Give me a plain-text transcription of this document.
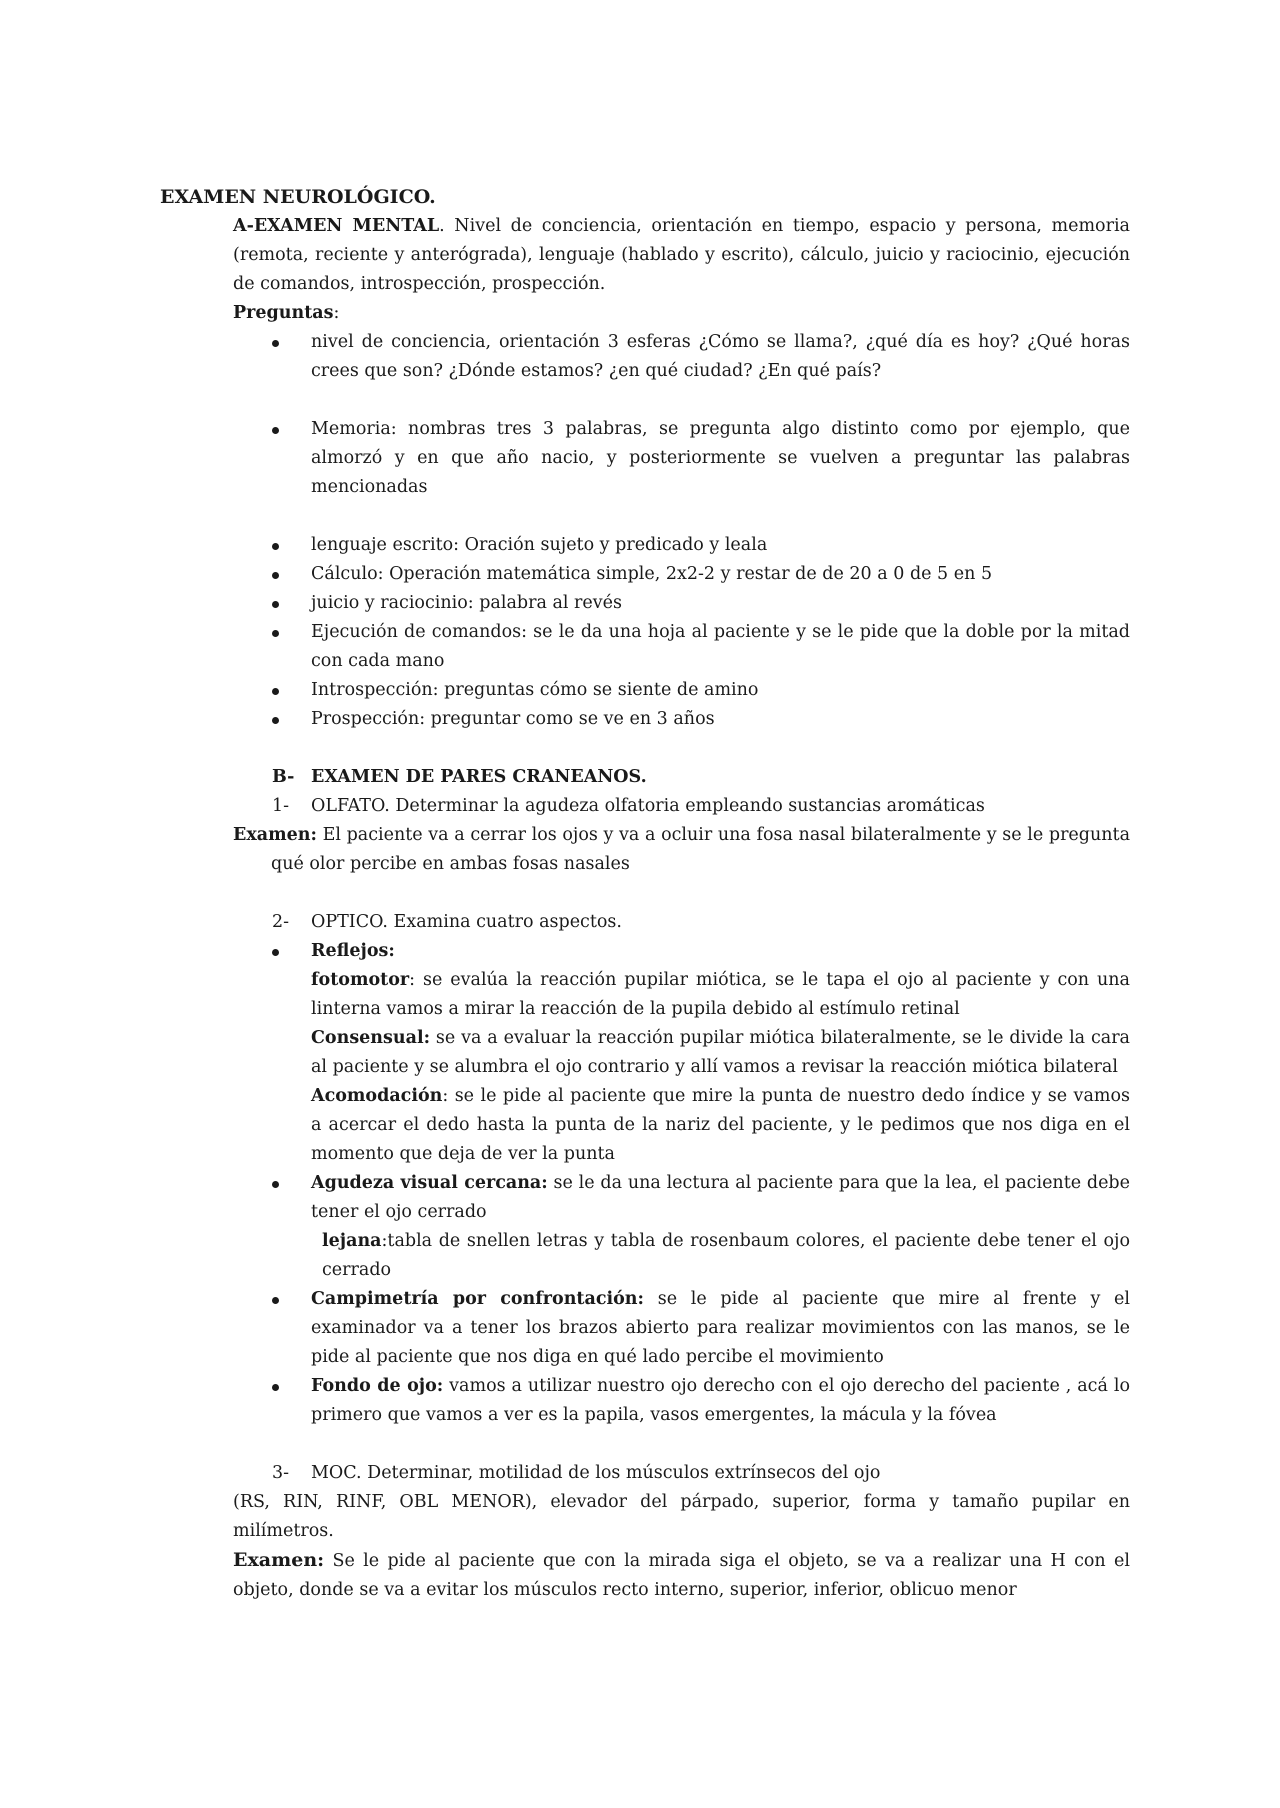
EXAMEN NEUROLÓGICO.

A-EXAMEN MENTAL. Nivel de conciencia, orientación en tiempo, espacio y persona, memoria (remota, reciente y anterógrada), lenguaje (hablado y escrito), cálculo, juicio y raciocinio, ejecución de comandos, introspección, prospección.

Preguntas:

nivel de conciencia, orientación 3 esferas ¿Cómo se llama?, ¿qué día es hoy? ¿Qué horas crees que son? ¿Dónde estamos? ¿en qué ciudad? ¿En qué país?

Memoria: nombras tres 3 palabras, se pregunta algo distinto como por ejemplo, que almorzó y en que año nacio, y posteriormente se vuelven a preguntar las palabras mencionadas

lenguaje escrito: Oración sujeto y predicado y leala

Cálculo: Operación matemática simple, 2x2-2 y restar de de 20 a 0 de 5 en 5

juicio y raciocinio: palabra al revés

Ejecución de comandos: se le da una hoja al paciente y se le pide que la doble por la mitad con cada mano

Introspección: preguntas cómo se siente de amino

Prospección: preguntar como se ve en 3 años

B- EXAMEN DE PARES CRANEANOS.

1- OLFATO. Determinar la agudeza olfatoria empleando sustancias aromáticas

Examen: El paciente va a cerrar los ojos y va a ocluir una fosa nasal bilateralmente y se le pregunta qué olor percibe en ambas fosas nasales

2- OPTICO. Examina cuatro aspectos.

Reflejos:

fotomotor: se evalúa la reacción pupilar miótica, se le tapa el ojo al paciente y con una linterna vamos a mirar la reacción de la pupila debido al estímulo retinal

Consensual: se va a evaluar la reacción pupilar miótica bilateralmente, se le divide la cara al paciente y se alumbra el ojo contrario y allí vamos a revisar la reacción miótica bilateral

Acomodación: se le pide al paciente que mire la punta de nuestro dedo índice y se vamos a acercar el dedo hasta la punta de la nariz del paciente, y le pedimos que nos diga en el momento que deja de ver la punta

Agudeza visual cercana: se le da una lectura al paciente para que la lea, el paciente debe tener el ojo cerrado

lejana:tabla de snellen letras y tabla de rosenbaum colores, el paciente debe tener el ojo cerrado

Campimetría por confrontación: se le pide al paciente que mire al frente y el examinador va a tener los brazos abierto para realizar movimientos con las manos, se le pide al paciente que nos diga en qué lado percibe el movimiento

Fondo de ojo: vamos a utilizar nuestro ojo derecho con el ojo derecho del paciente , acá lo primero que vamos a ver es la papila, vasos emergentes, la mácula y la fóvea

3- MOC. Determinar, motilidad de los músculos extrínsecos del ojo

(RS, RIN, RINF, OBL MENOR), elevador del párpado, superior, forma y tamaño pupilar en milímetros.

Examen: Se le pide al paciente que con la mirada siga el objeto, se va a realizar una H con el objeto, donde se va a evitar los músculos recto interno, superior, inferior, oblicuo menor
